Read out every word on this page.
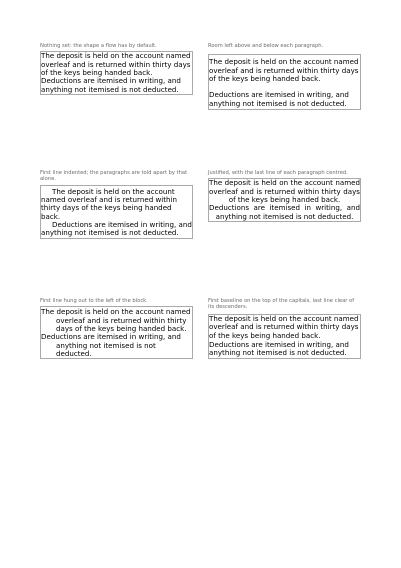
Nothing set: the shape a flow has by default.

The deposit is held on the account named overleaf and is returned within thirty days of the keys being handed back.

Deductions are itemised in writing, and anything not itemised is not deducted.

Room left above and below each paragraph.

The deposit is held on the account named overleaf and is returned within thirty days of the keys being handed back.

Deductions are itemised in writing, and anything not itemised is not deducted.

First line indented; the paragraphs are told apart by that alone.

The deposit is held on the account named overleaf and is returned within thirty days of the keys being handed back.

Deductions are itemised in writing, and anything not itemised is not deducted.

Justified, with the last line of each paragraph centred.

The deposit is held on the account named overleaf and is returned within thirty days of the keys being handed back.

Deductions are itemised in writing, and anything not itemised is not deducted.

First line hung out to the left of the block.

The deposit is held on the account named overleaf and is returned within thirty days of the keys being handed back.

Deductions are itemised in writing, and anything not itemised is not deducted.

First baseline on the top of the capitals, last line clear of its descenders.

The deposit is held on the account named overleaf and is returned within thirty days of the keys being handed back.

Deductions are itemised in writing, and anything not itemised is not deducted.
